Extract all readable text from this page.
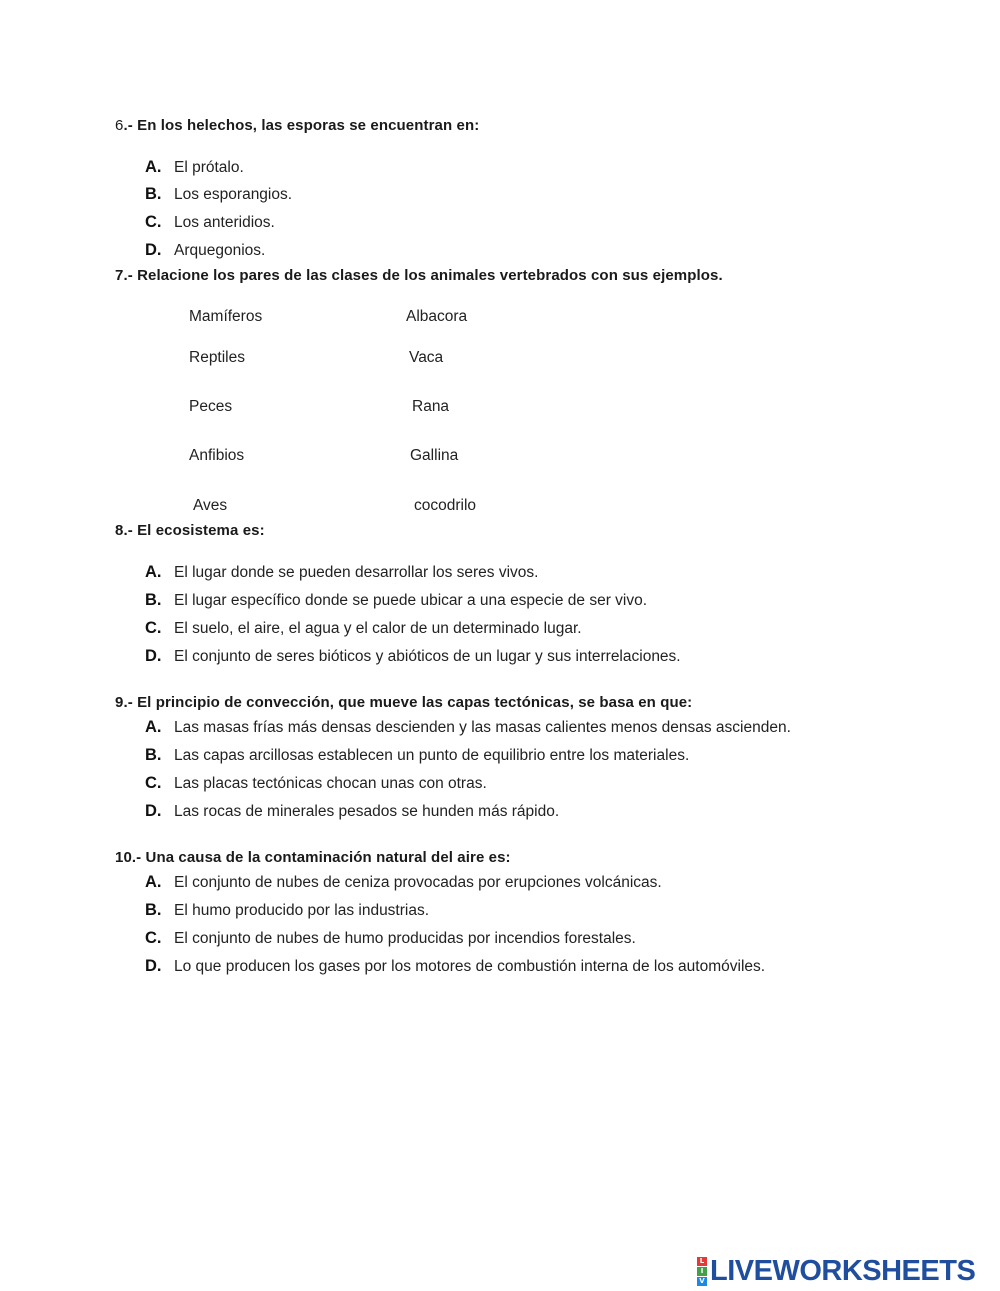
6.- En los helechos, las esporas se encuentran en:
A. El prótalo.
B. Los esporangios.
C. Los anteridios.
D. Arquegonios.
7.- Relacione los pares de las clases de los animales vertebrados con sus ejemplos.
Mamíferos
Reptiles
Peces
Anfibios
Aves
Albacora
Vaca
Rana
Gallina
cocodrilo
8.- El ecosistema es:
A. El lugar donde se pueden desarrollar los seres vivos.
B. El lugar específico donde se puede ubicar a una especie de ser vivo.
C. El suelo, el aire, el agua y el calor de un determinado lugar.
D. El conjunto de seres bióticos y abióticos de un lugar y sus interrelaciones.
9.- El principio de convección, que mueve las capas tectónicas, se basa en que:
A. Las masas frías más densas descienden y las masas calientes menos densas ascienden.
B. Las capas arcillosas establecen un punto de equilibrio entre los materiales.
C. Las placas tectónicas chocan unas con otras.
D. Las rocas de minerales pesados se hunden más rápido.
10.- Una causa de la contaminación natural del aire es:
A. El conjunto de nubes de ceniza provocadas por erupciones volcánicas.
B. El humo producido por las industrias.
C. El conjunto de nubes de humo producidas por incendios forestales.
D. Lo que producen los gases por los motores de combustión interna de los automóviles.
L
I
V LIVEWORKSHEETS
